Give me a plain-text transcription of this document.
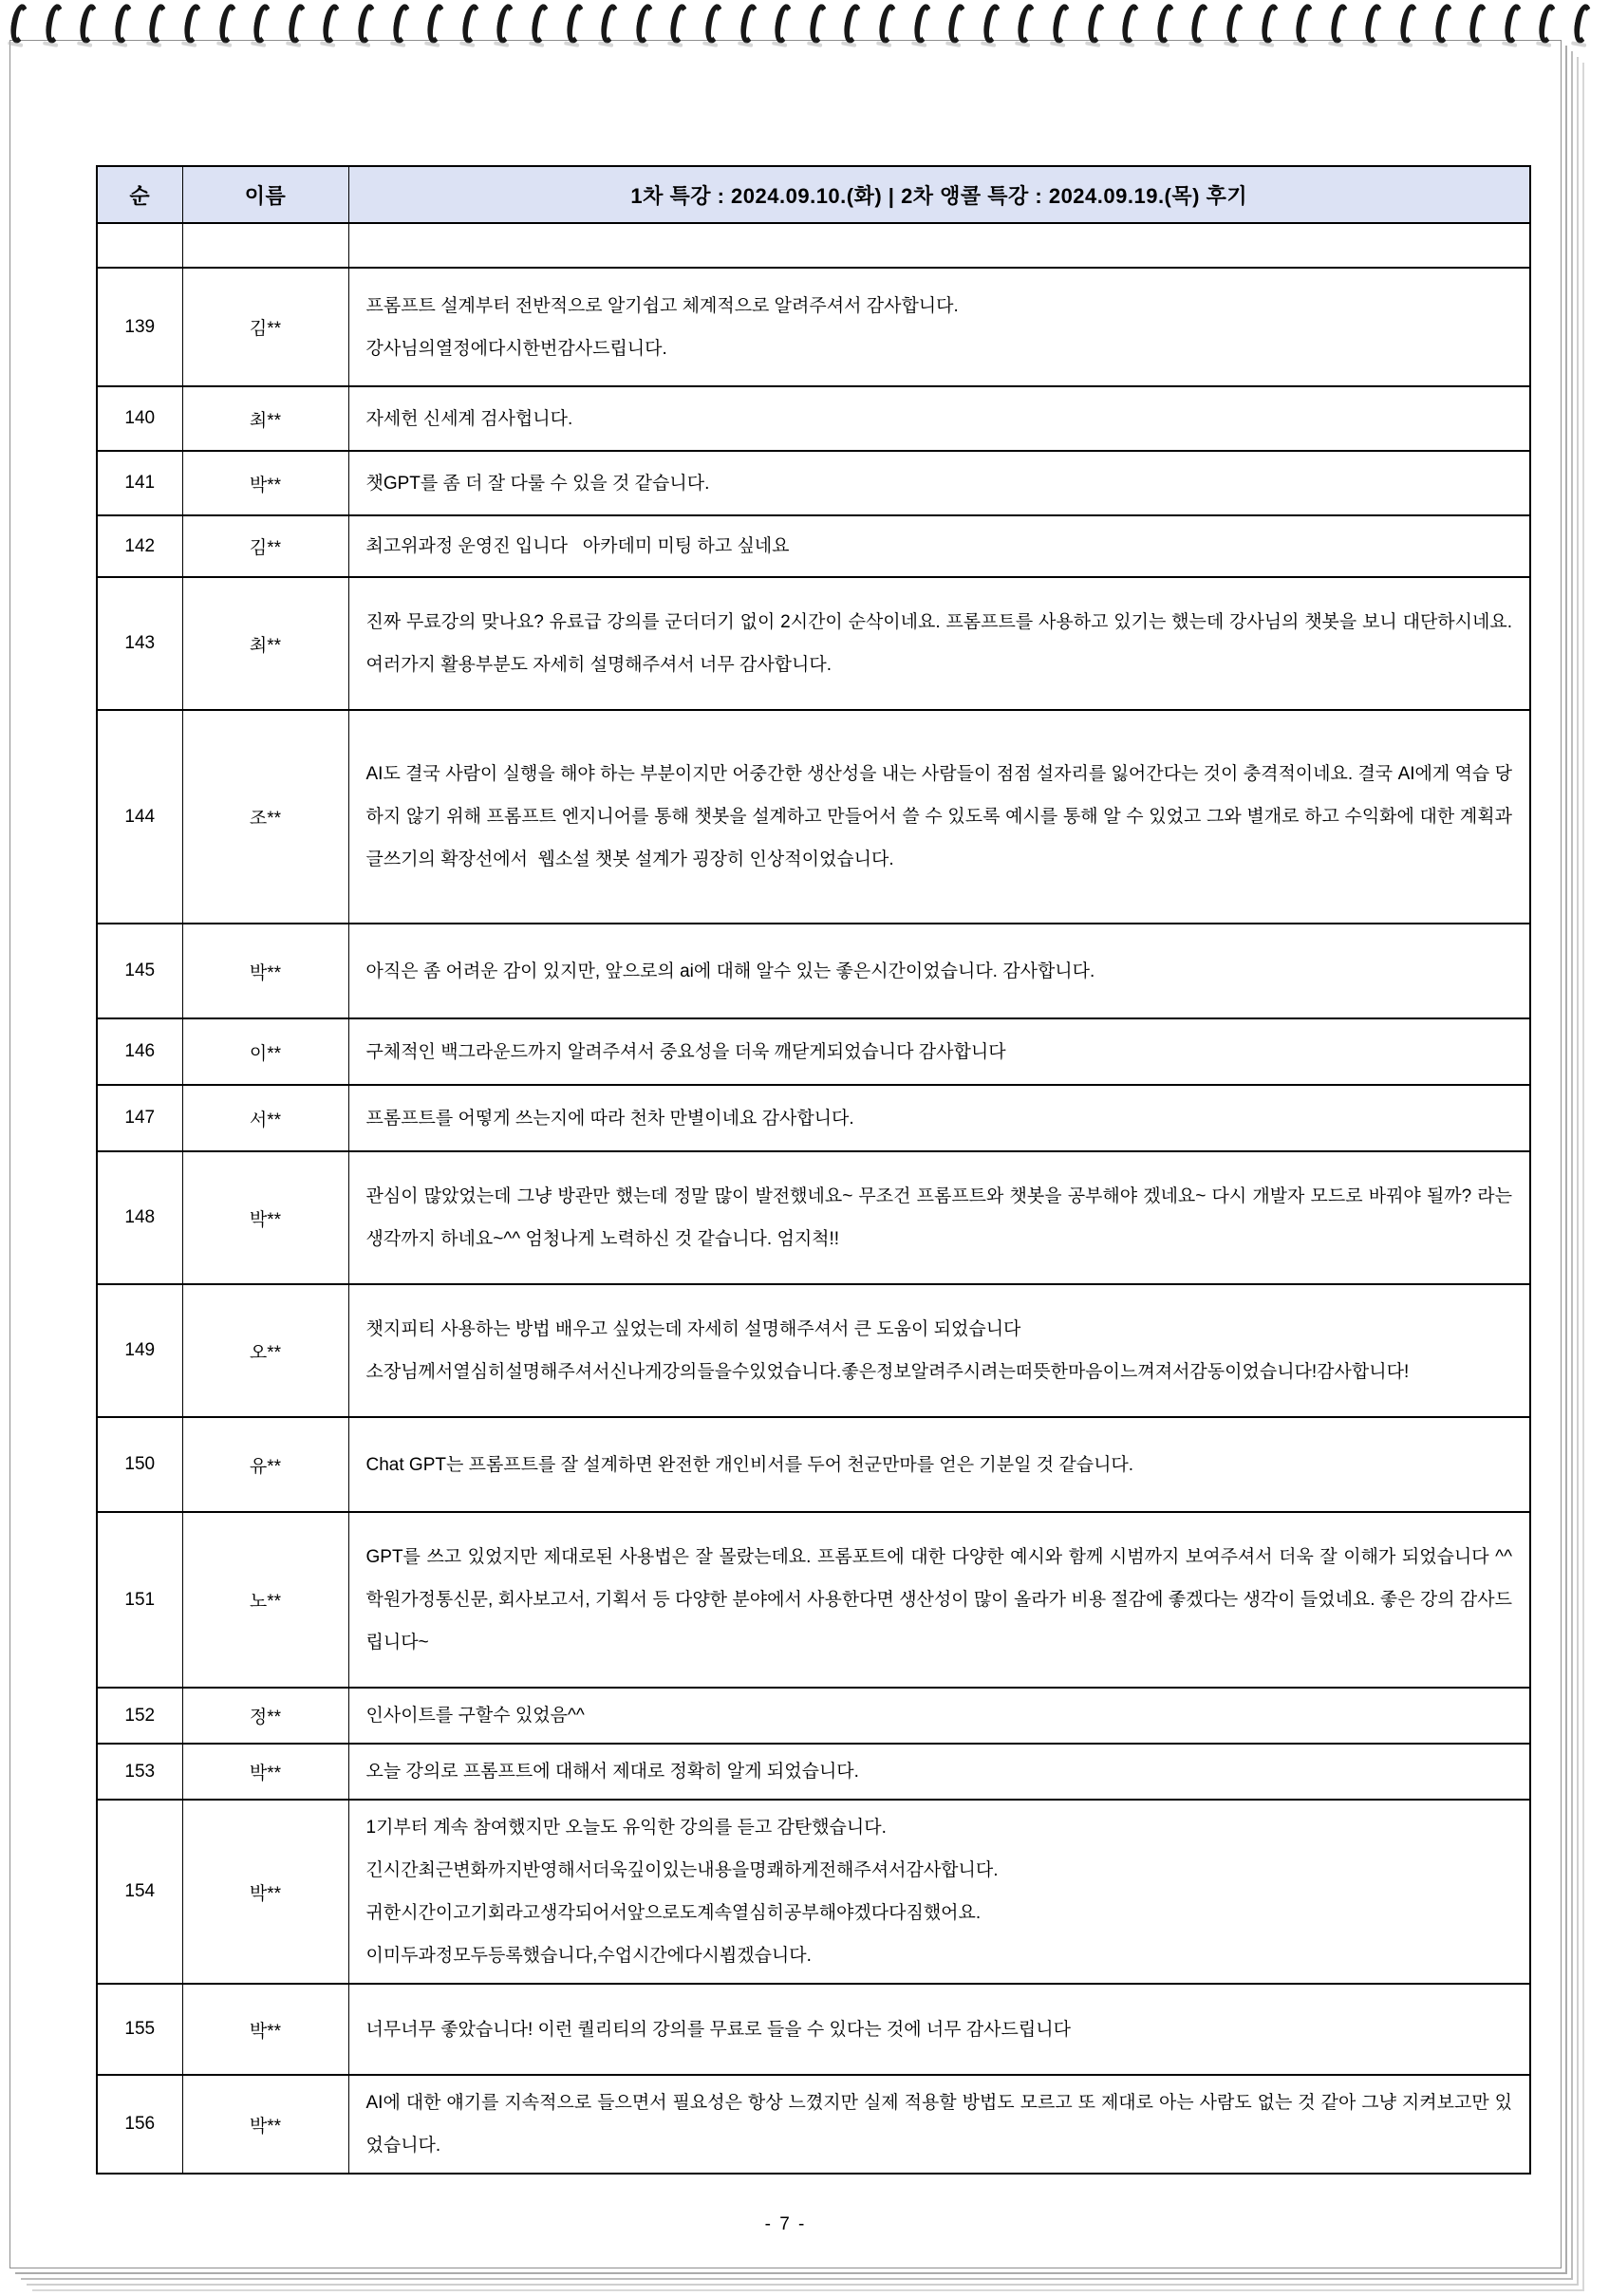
순	이름	1차 특강 : 2024.09.10.(화) | 2차 앵콜 특강 : 2024.09.19.(목) 후기

139	김**	프롬프트 설계부터 전반적으로 알기쉽고 체계적으로 알려주셔서 감사합니다.
강사님의열정에다시한번감사드립니다.

140	최**	자세헌 신세계 검사헙니다.

141	박**	챗GPT를 좀 더 잘 다룰 수 있을 것 같습니다.

142	김**	최고위과정 운영진 입니다   아카데미 미팅 하고 싶네요

143	최**	진짜 무료강의 맞나요? 유료급 강의를 군더더기 없이 2시간이 순삭이네요. 프롬프트를 사용하고 있기는 했는데 강사님의 챗봇을 보니 대단하시네요. 여러가지 활용부분도 자세히 설명해주셔서 너무 감사합니다.

144	조**	AI도 결국 사람이 실행을 해야 하는 부분이지만 어중간한 생산성을 내는 사람들이 점점 설자리를 잃어간다는 것이 충격적이네요. 결국 AI에게 역습 당하지 않기 위해 프롬프트 엔지니어를 통해 챗봇을 설계하고 만들어서 쓸 수 있도록 예시를 통해 알 수 있었고 그와 별개로 하고 수익화에 대한 계획과 글쓰기의 확장선에서  웹소설 챗봇 설계가 굉장히 인상적이었습니다.

145	박**	아직은 좀 어려운 감이 있지만, 앞으로의 ai에 대해 알수 있는 좋은시간이었습니다. 감사합니다.

146	이**	구체적인 백그라운드까지 알려주셔서 중요성을 더욱 깨닫게되었습니다 감사합니다

147	서**	프롬프트를 어떻게 쓰는지에 따라 천차 만별이네요 감사합니다.

148	박**	관심이 많았었는데 그냥 방관만 했는데 정말 많이 발전했네요~ 무조건 프롬프트와 챗봇을 공부해야 겠네요~ 다시 개발자 모드로 바꿔야 될까? 라는 생각까지 하네요~^^ 엄청나게 노력하신 것 같습니다. 엄지척!!

149	오**	챗지피티 사용하는 방법 배우고 싶었는데 자세히 설명해주셔서 큰 도움이 되었습니다
소장님께서열심히설명해주셔서신나게강의들을수있었습니다.좋은정보알려주시려는떠뜻한마음이느껴져서감동이었습니다!감사합니다!

150	유**	Chat GPT는 프롬프트를 잘 설계하면 완전한 개인비서를 두어 천군만마를 얻은 기분일 것 같습니다.

151	노**	GPT를 쓰고 있었지만 제대로된 사용법은 잘 몰랐는데요. 프롬포트에 대한 다양한 예시와 함께 시범까지 보여주셔서 더욱 잘 이해가 되었습니다 ^^ 학원가정통신문, 회사보고서, 기획서 등 다양한 분야에서 사용한다면 생산성이 많이 올라가 비용 절감에 좋겠다는 생각이 들었네요. 좋은 강의 감사드립니다~

152	정**	인사이트를 구할수 있었음^^

153	박**	오늘 강의로 프롬프트에 대해서 제대로 정확히 알게 되었습니다.

154	박**	1기부터 계속 참여했지만 오늘도 유익한 강의를 듣고 감탄했습니다.
긴시간최근변화까지반영해서더욱깊이있는내용을명쾌하게전해주셔서감사합니다.
귀한시간이고기회라고생각되어서앞으로도계속열심히공부해야겠다다짐했어요.
이미두과정모두등록했습니다,수업시간에다시뵙겠습니다.

155	박**	너무너무 좋았습니다! 이런 퀄리티의 강의를 무료로 들을 수 있다는 것에 너무 감사드립니다

156	박**	AI에 대한 얘기를 지속적으로 들으면서 필요성은 항상 느꼈지만 실제 적용할 방법도 모르고 또 제대로 아는 사람도 없는 것 같아 그냥 지켜보고만 있었습니다.
- 7 -
